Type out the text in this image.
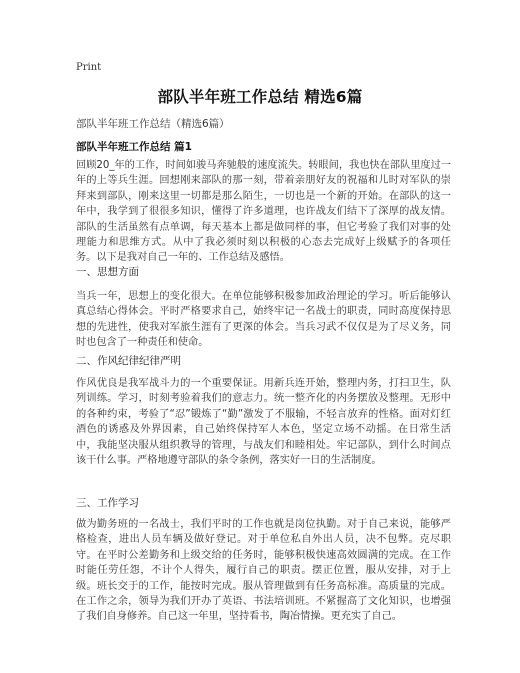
Print
部队半年班工作总结 精选6篇
部队半年班工作总结（精选6篇）
部队半年班工作总结 篇1

回顾20_年的工作，时间如骏马奔驰般的速度流失。转眼间，我也快在部队里度过一年的上等兵生涯。回想刚来部队的那一刻，带着亲朋好友的祝福和儿时对军队的崇拜来到部队，刚来这里一切都是那么陌生，一切也是一个新的开始。在部队的这一年中，我学到了很很多知识，懂得了许多道理，也许战友们结下了深厚的战友情。部队的生活虽然有点单调，每天基本上都是做同样的事，但它考验了我们对事的处理能力和思维方式。从中了我必须时刻以积极的心态去完成好上级赋予的各项任务。以下是我对自己一年的、工作总结及感悟。

一、思想方面

当兵一年，思想上的变化很大。在单位能够积极参加政治理论的学习。听后能够认真总结心得体会。平时严格要求自己，始终牢记一名战士的职责，同时高度保持思想的先进性，使我对军旅生涯有了更深的体会。当兵习武不仅仅是为了尽义务，同时也包含了一种责任和使命。

二、作风纪律纪律严明

作风优良是我军战斗力的一个重要保证。用新兵连开始，整理内务，打扫卫生，队列训练。学习，时刻考验着我们的意志力。统一整齐化的内务摆放及整理。无形中的各种约束，考验了“忍”锻炼了“勤”激发了不服输，不轻言放弃的性格。面对灯红酒色的诱惑及外界因素，自己始终保持军人本色，坚定立场不动摇。在日常生活中，我能坚决服从组织教导的管理，与战友们和睦相处。牢记部队，到什么时间点该干什么事。严格地遵守部队的条令条例，落实好一日的生活制度。

三、工作学习

做为勤务班的一名战士，我们平时的工作也就是岗位执勤。对于自己来说，能够严格检查，进出人员车辆及做好登记。对于单位私自外出人员，决不包弊。克尽职守。在平时公差勤务和上级交给的任务时，能够积极快速高效圆满的完成。在工作时能任劳任怨，不计个人得失，履行自己的职责。摆正位置，服从安排，对于上级。班长交于的工作，能按时完成。服从管理做到有任务高标准。高质量的完成。在工作之余，领导为我们开办了英语、书法培训班。不紧握高了文化知识，也增强了我们自身修养。自己这一年里，坚持看书，陶冶情操。更充实了自己。
